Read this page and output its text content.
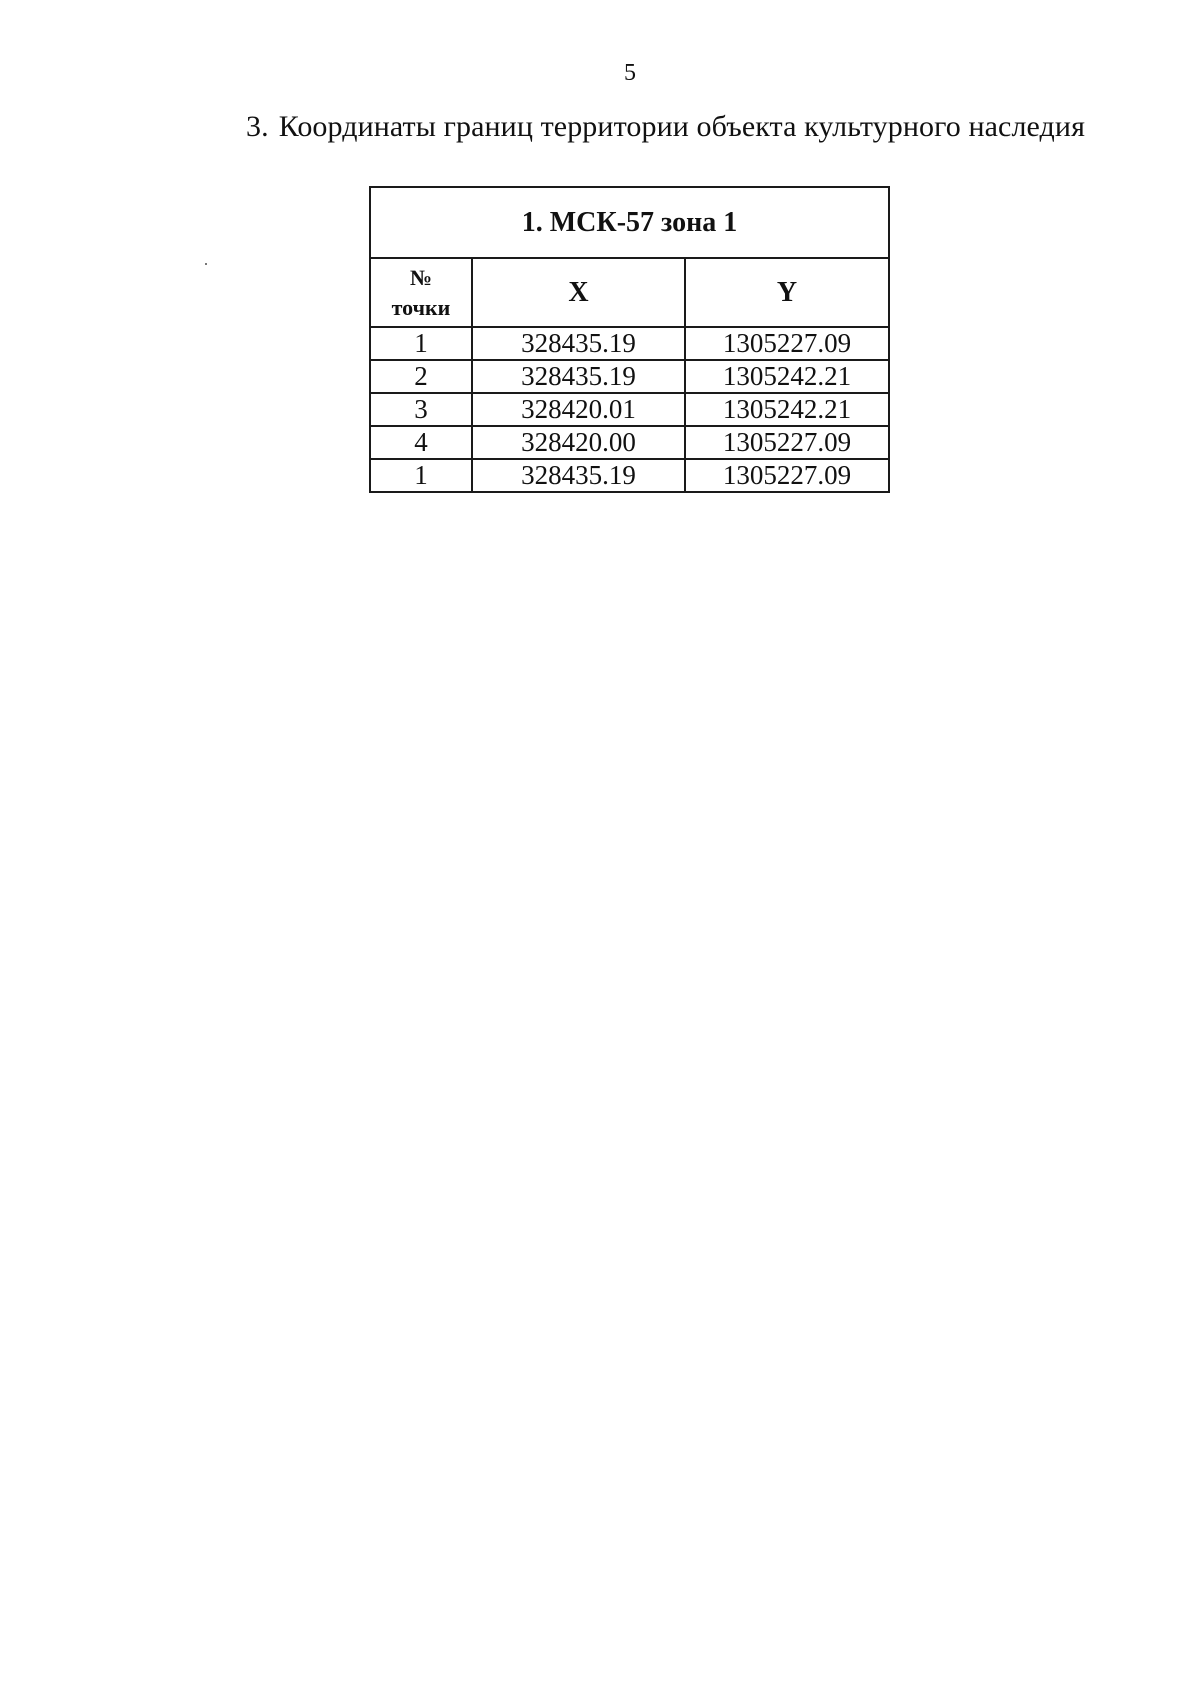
5
3. Координаты границ территории объекта культурного наследия
1. МСК-57 зона 1		
№
точки	X	Y
1	328435.19	1305227.09
2	328435.19	1305242.21
3	328420.01	1305242.21
4	328420.00	1305227.09
1	328435.19	1305227.09
